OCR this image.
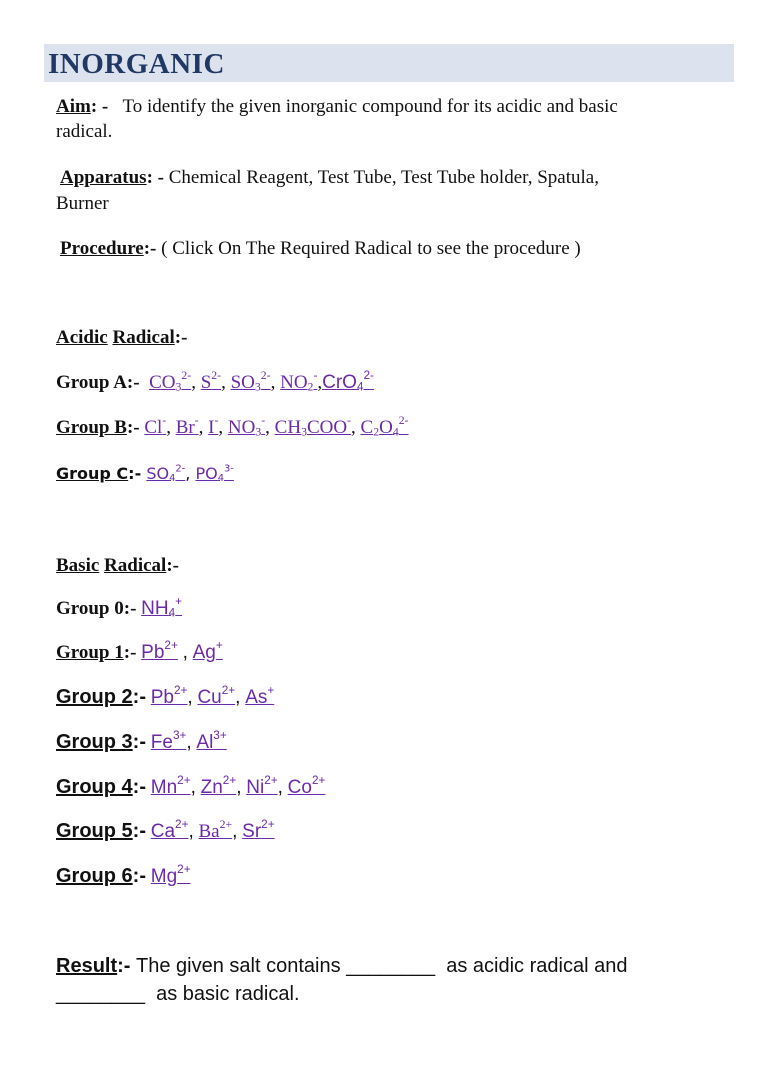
INORGANIC
Aim: - To identify the given inorganic compound for its acidic and basic
radical.
Apparatus: - Chemical Reagent, Test Tube, Test Tube holder, Spatula,
Burner
Procedure:- ( Click On The Required Radical to see the procedure )
Acidic Radical:-
Group A:- $CO_3^{2-}$, $S^{2-}$, $SO_3^{2-}$, $NO_2^-,CrO_4^{2-}$
Group B:- Cl-, Br-, I-, $NO_3^-$, $CH_3COO^-$, $C_2O_4^{2-}$
Group C:- $SO_4^{2-}$, $PO_4^{3-}$
Basic Radical:-
Group 0:- $NH_4^+$
Group 1:- $Pb^{2+}$ , Ag+
Group 2:- $Pb^{2+}$, $Cu^{2+}$, As+
Group 3:- $Fe^{3+}$, $Al^{3+}$
Group 4:- $Mn^{2+}$, $Zn^{2+}$, $Ni^{2+}$, $Co^{2+}$
Group 5:- $Ca^{2+}$, $Ba^{2+}$, $Sr^{2+}$
Group 6:- $Mg^{2+}$
Result:- The given salt contains ________  as acidic radical and
________  as basic radical.
